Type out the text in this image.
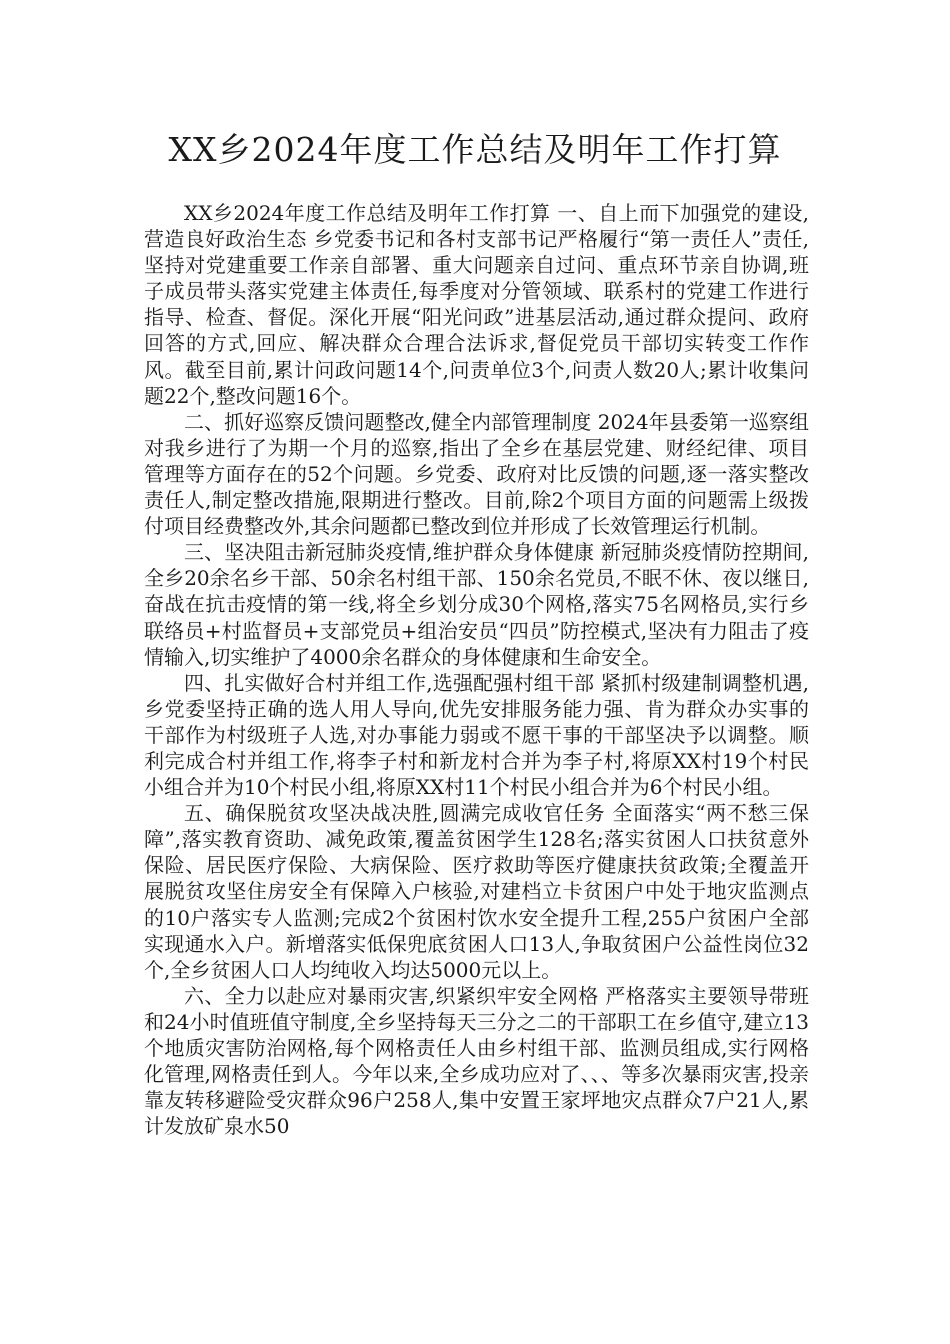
XX乡2024年度工作总结及明年工作打算

XX乡2024年度工作总结及明年工作打算 一、自上而下加强党的建设,营造良好政治生态 乡党委书记和各村支部书记严格履行“第一责任人”责任,坚持对党建重要工作亲自部署、重大问题亲自过问、重点环节亲自协调,班子成员带头落实党建主体责任,每季度对分管领域、联系村的党建工作进行指导、检查、督促。深化开展“阳光问政”进基层活动,通过群众提问、政府回答的方式,回应、解决群众合理合法诉求,督促党员干部切实转变工作作风。截至目前,累计问政问题14个,问责单位3个,问责人数20人;累计收集问题22个,整改问题16个。

二、抓好巡察反馈问题整改,健全内部管理制度 2024年县委第一巡察组对我乡进行了为期一个月的巡察,指出了全乡在基层党建、财经纪律、项目管理等方面存在的52个问题。乡党委、政府对比反馈的问题,逐一落实整改责任人,制定整改措施,限期进行整改。目前,除2个项目方面的问题需上级拨付项目经费整改外,其余问题都已整改到位并形成了长效管理运行机制。

三、坚决阻击新冠肺炎疫情,维护群众身体健康 新冠肺炎疫情防控期间,全乡20余名乡干部、50余名村组干部、150余名党员,不眠不休、夜以继日,奋战在抗击疫情的第一线,将全乡划分成30个网格,落实75名网格员,实行乡联络员+村监督员+支部党员+组治安员“四员”防控模式,坚决有力阻击了疫情输入,切实维护了4000余名群众的身体健康和生命安全。

四、扎实做好合村并组工作,选强配强村组干部 紧抓村级建制调整机遇,乡党委坚持正确的选人用人导向,优先安排服务能力强、肯为群众办实事的干部作为村级班子人选,对办事能力弱或不愿干事的干部坚决予以调整。顺利完成合村并组工作,将李子村和新龙村合并为李子村,将原XX村19个村民小组合并为10个村民小组,将原XX村11个村民小组合并为6个村民小组。

五、确保脱贫攻坚决战决胜,圆满完成收官任务 全面落实“两不愁三保障”,落实教育资助、减免政策,覆盖贫困学生128名;落实贫困人口扶贫意外保险、居民医疗保险、大病保险、医疗救助等医疗健康扶贫政策;全覆盖开展脱贫攻坚住房安全有保障入户核验,对建档立卡贫困户中处于地灾监测点的10户落实专人监测;完成2个贫困村饮水安全提升工程,255户贫困户全部实现通水入户。新增落实低保兜底贫困人口13人,争取贫困户公益性岗位32个,全乡贫困人口人均纯收入均达5000元以上。

六、全力以赴应对暴雨灾害,织紧织牢安全网格 严格落实主要领导带班和24小时值班值守制度,全乡坚持每天三分之二的干部职工在乡值守,建立13个地质灾害防治网格,每个网格责任人由乡村组干部、监测员组成,实行网格化管理,网格责任到人。今年以来,全乡成功应对了、、、等多次暴雨灾害,投亲靠友转移避险受灾群众96户258人,集中安置王家坪地灾点群众7户21人,累计发放矿泉水50
